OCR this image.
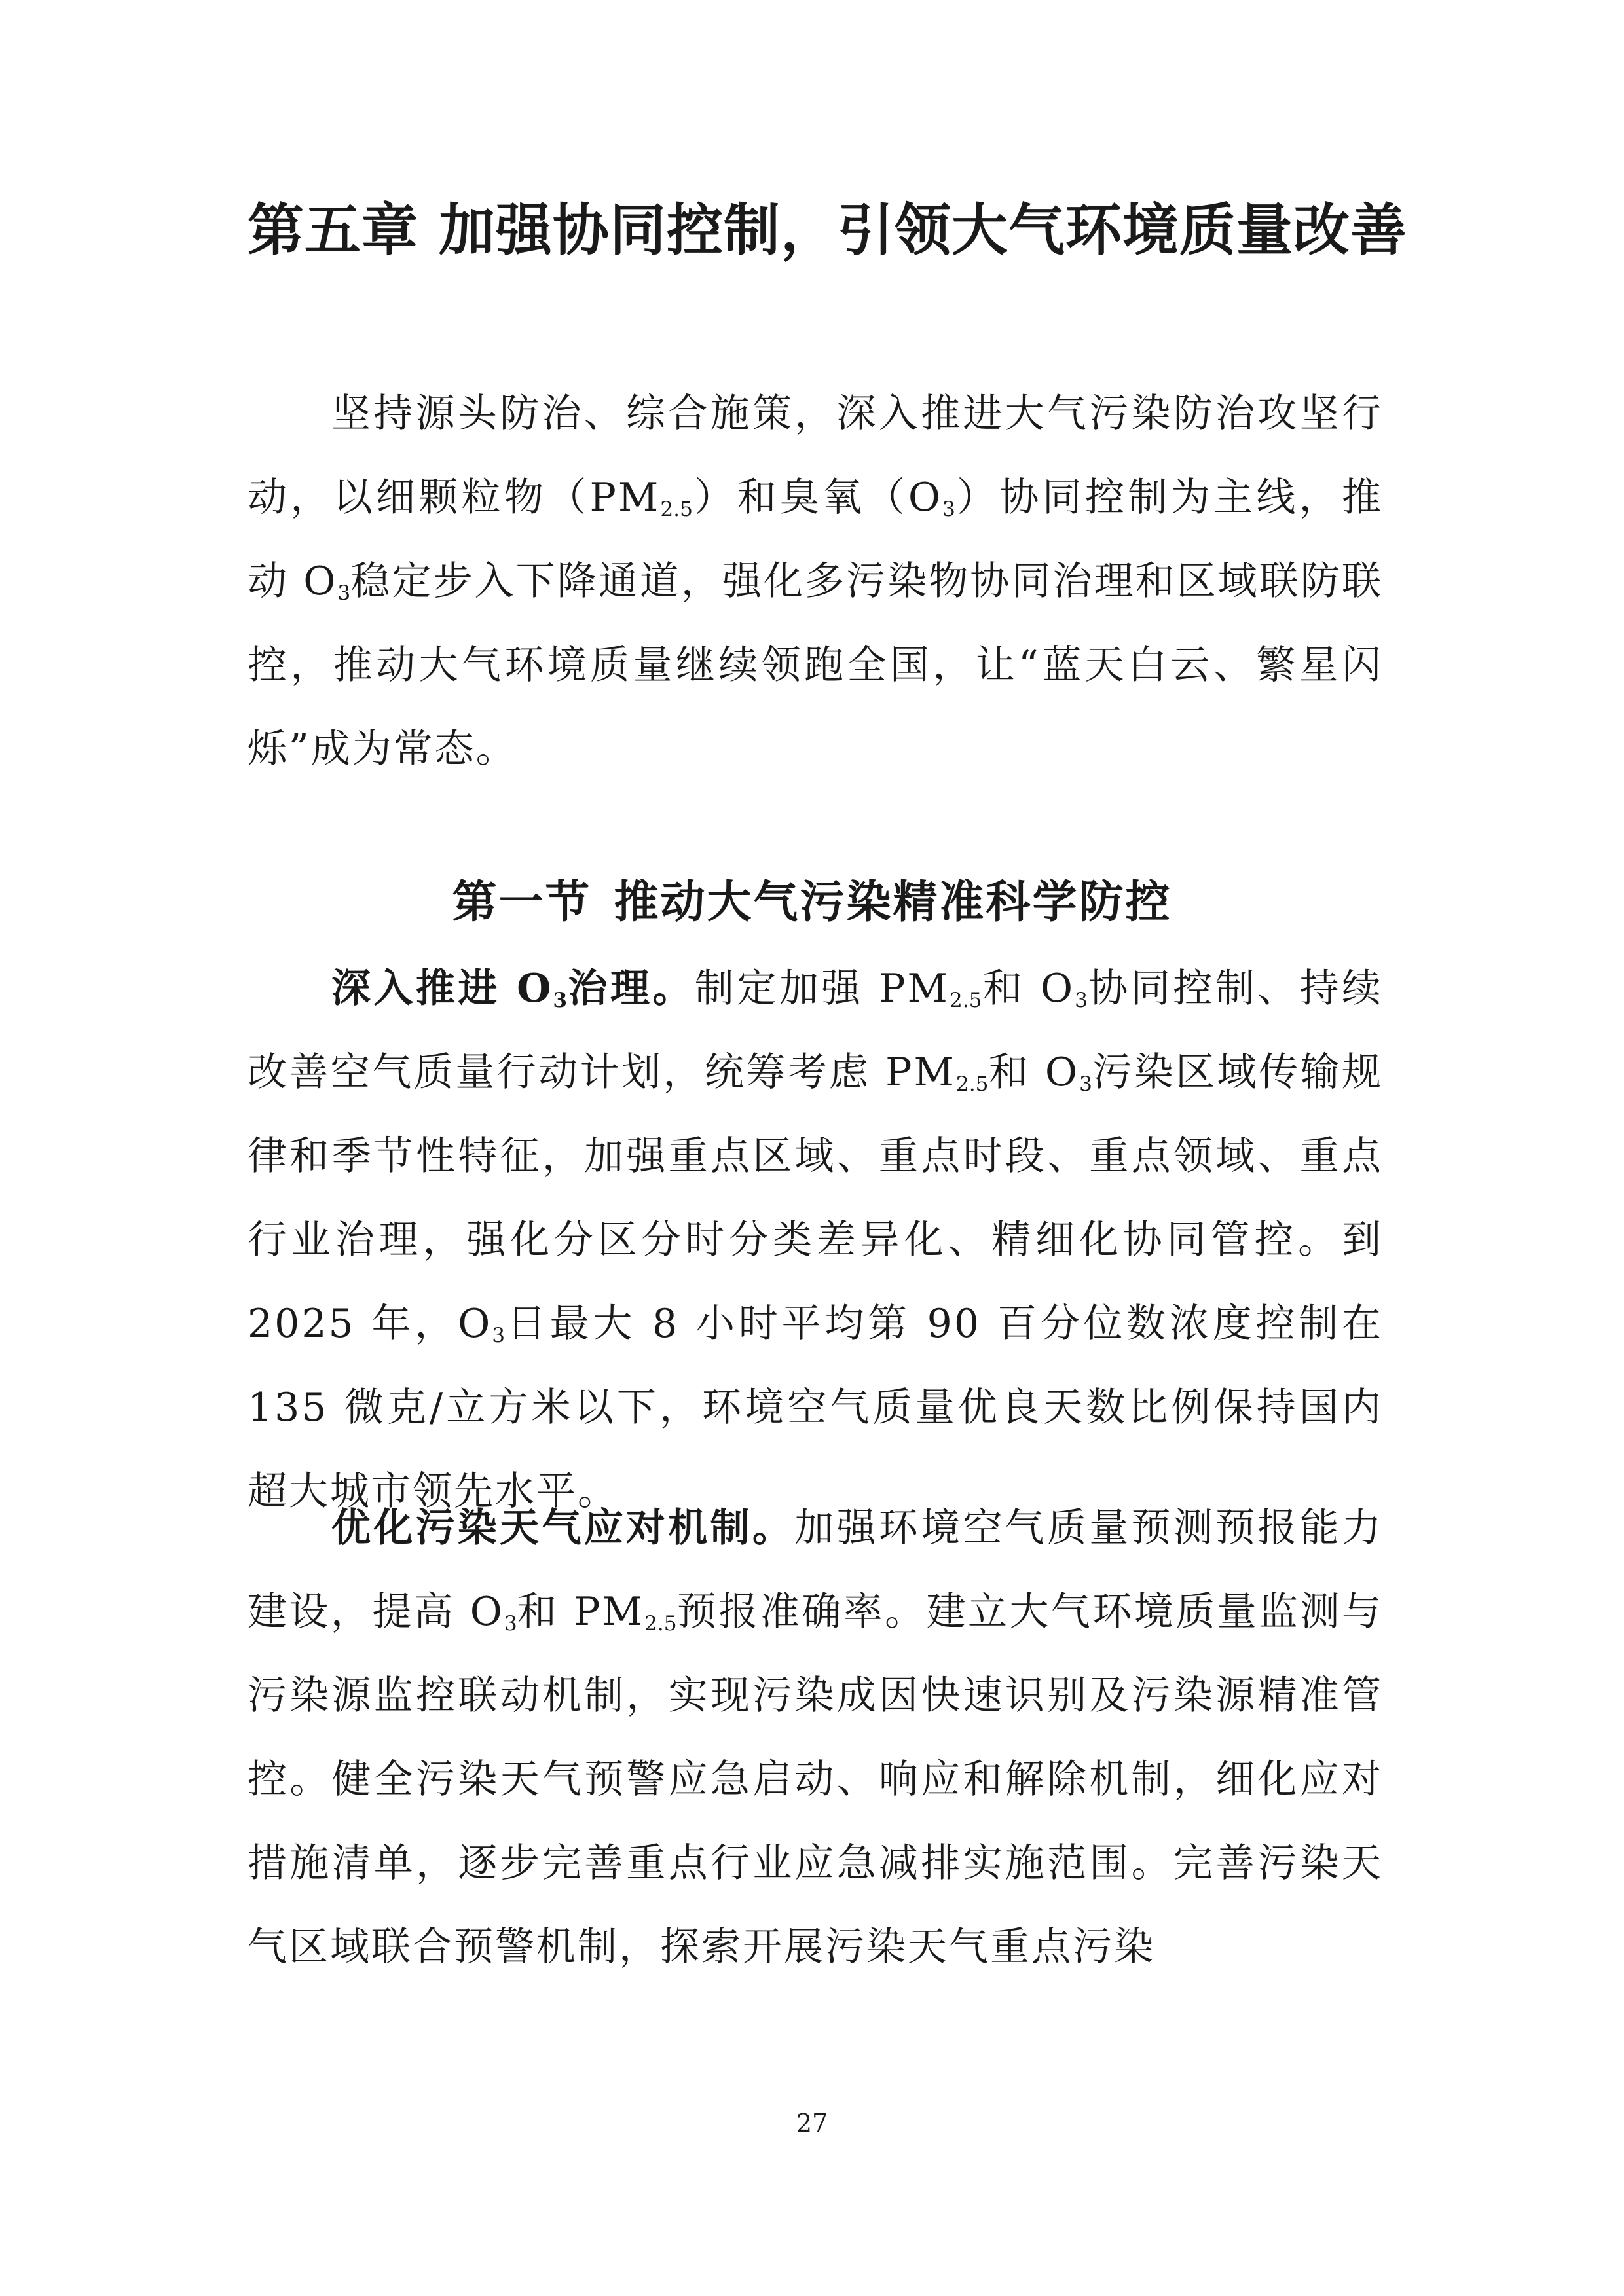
第五章 加强协同控制，引领大气环境质量改善

坚持源头防治、综合施策，深入推进大气污染防治攻坚行动，以细颗粒物$(PM_{2.5})$和臭氧$(O_3)$协同控制为主线，推动 $O_3$稳定步入下降通道，强化多污染物协同治理和区域联防联控，推动大气环境质量继续领跑全国，让“蓝天白云、繁星闪烁”成为常态。

第一节 推动大气污染精准科学防控

深入推进 $O_3$治理。制定加强 $PM_{2.5}$和 $O_3$协同控制、持续改善空气质量行动计划，统筹考虑 $PM_{2.5}$和 $O_3$污染区域传输规律和季节性特征，加强重点区域、重点时段、重点领域、重点行业治理，强化分区分时分类差异化、精细化协同管控。到 2025 年，$O_3$日最大 8 小时平均第 90 百分位数浓度控制在 135 微克/立方米以下，环境空气质量优良天数比例保持国内超大城市领先水平。

优化污染天气应对机制。加强环境空气质量预测预报能力建设，提高 $O_3$和 $PM_{2.5}$预报准确率。建立大气环境质量监测与污染源监控联动机制，实现污染成因快速识别及污染源精准管控。健全污染天气预警应急启动、响应和解除机制，细化应对措施清单，逐步完善重点行业应急减排实施范围。完善污染天气区域联合预警机制，探索开展污染天气重点污染

27
